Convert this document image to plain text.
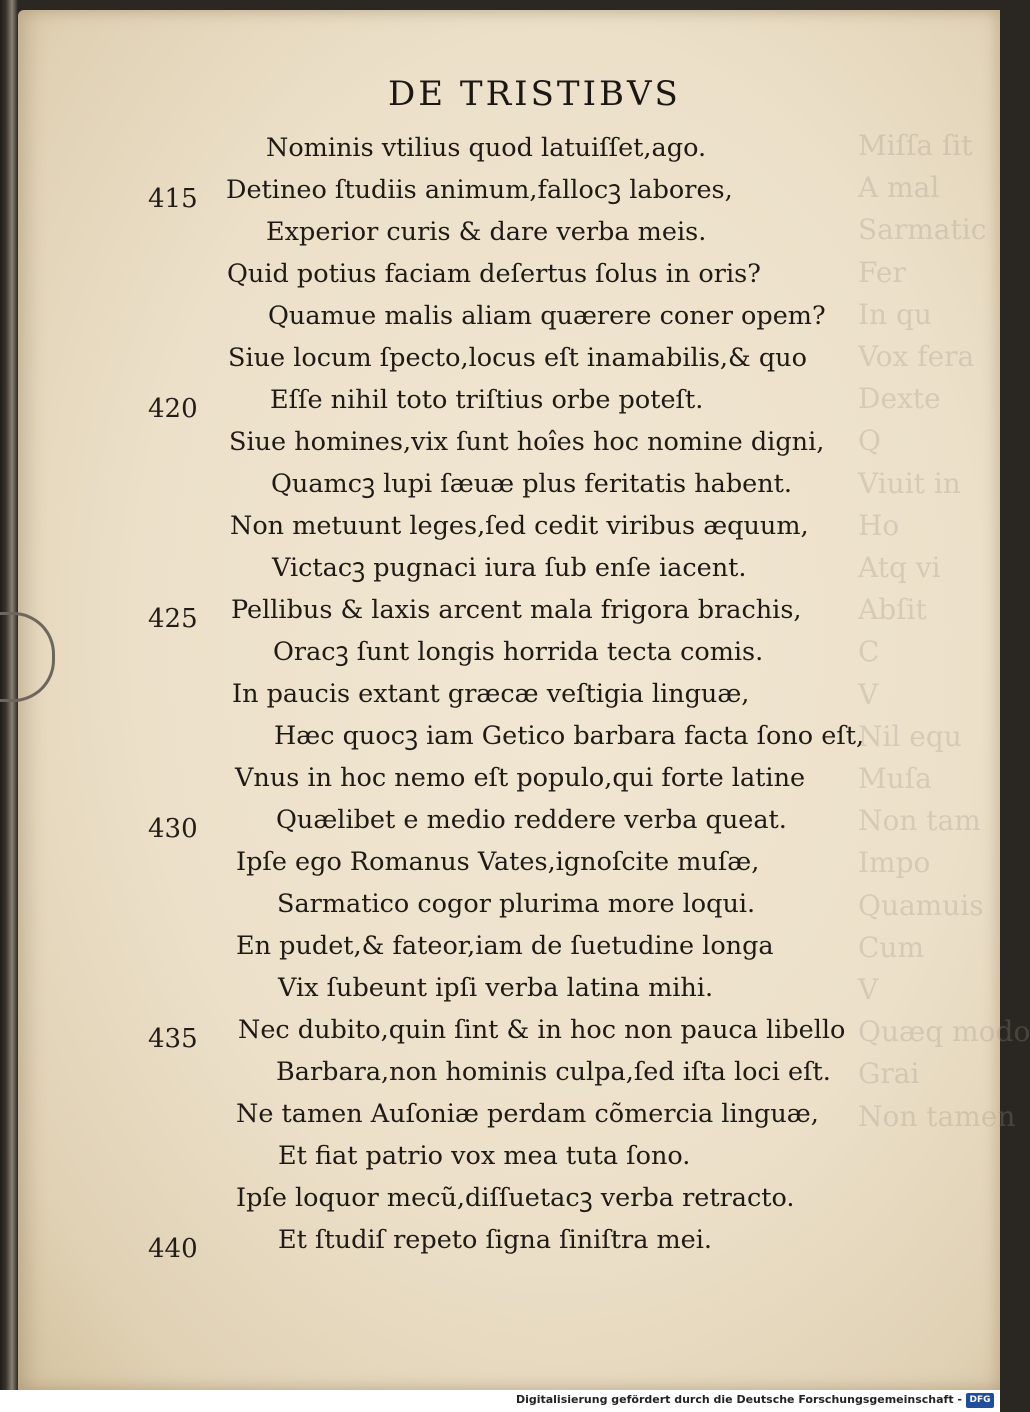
Miſſa ſit
A mal
Sarmatic
Fer
In qu
Vox fera
Dexte
Q
Viuit in
Ho
Atq vi
Abſit
C
V
Nil equ
Muſa
Non tam
Impo
Quamuis
Cum
V
Quæq modo
Grai
Non tamen
DE TRISTIBVS
Nominis vtilius quod latuiſſet,ago.
Detineo ſtudiis animum,fallocꝫ labores,
Experior curis & dare verba meis.
Quid potius faciam deſertus ſolus in oris?
Quamue malis aliam quærere coner opem?
Siue locum ſpecto,locus eſt inamabilis,& quo
Eſſe nihil toto triſtius orbe poteſt.
Siue homines,vix ſunt hoîes hoc nomine digni,
Quamcꝫ lupi ſæuæ plus feritatis habent.
Non metuunt leges,ſed cedit viribus æquum,
Victacꝫ pugnaci iura ſub enſe iacent.
Pellibus & laxis arcent mala frigora brachis,
Oracꝫ ſunt longis horrida tecta comis.
In paucis extant græcæ veſtigia linguæ,
Hæc quocꝫ iam Getico barbara facta ſono eſt,
Vnus in hoc nemo eſt populo,qui forte latine
Quælibet e medio reddere verba queat.
Ipſe ego Romanus Vates,ignoſcite muſæ,
Sarmatico cogor plurima more loqui.
En pudet,& fateor,iam de ſuetudine longa
Vix ſubeunt ipſi verba latina mihi.
Nec dubito,quin ſint & in hoc non pauca libello
Barbara,non hominis culpa,ſed iſta loci eſt.
Ne tamen Auſoniæ perdam cõmercia linguæ,
Et fiat patrio vox mea tuta ſono.
Ipſe loquor mecũ,diſſuetacꝫ verba retracto.
Et ſtudiſ repeto ſigna ſiniſtra mei.
415
420
425
430
435
440
Digitalisierung gefördert durch die Deutsche Forschungsgemeinschaft - DFG
